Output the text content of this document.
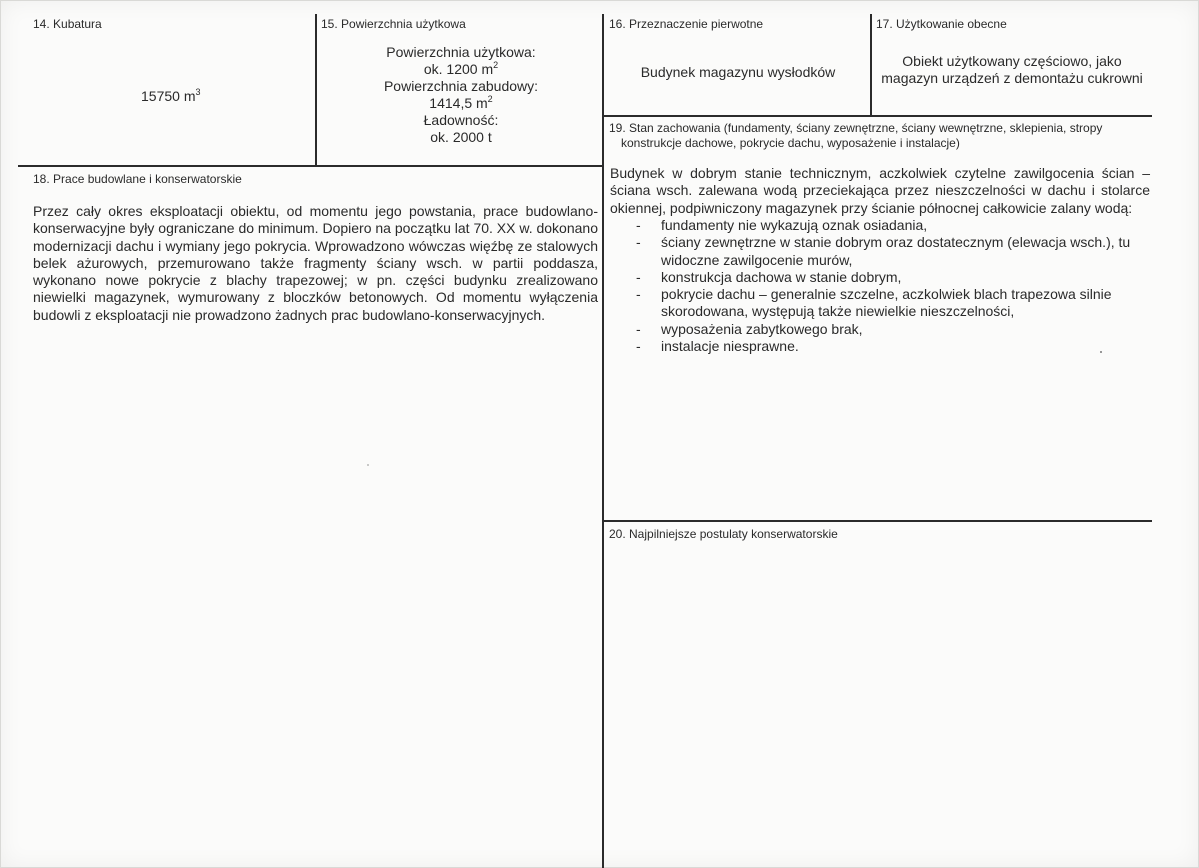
14. Kubatura
15750 $m^3$
15. Powierzchnia użytkowa
Powierzchnia użytkowa:
ok. 1200 $m^2$
Powierzchnia zabudowy:
1414,5 $m^2$
Ładowność:
ok. 2000 t
16. Przeznaczenie pierwotne
Budynek magazynu wysłodków
17. Użytkowanie obecne
Obiekt użytkowany częściowo, jako
magazyn urządzeń z demontażu cukrowni
18. Prace budowlane i konserwatorskie
Przez cały okres eksploatacji obiektu, od momentu jego powstania, prace budowlano-konserwacyjne były ograniczane do minimum. Dopiero na początku lat 70. XX w. dokonano modernizacji dachu i wymiany jego pokrycia. Wprowadzono wówczas więźbę ze stalowych belek ażurowych, przemurowano także fragmenty ściany wsch. w partii poddasza, wykonano nowe pokrycie z blachy trapezowej; w pn. części budynku zrealizowano niewielki magazynek, wymurowany z bloczków betonowych. Od momentu wyłączenia budowli z eksploatacji nie prowadzono żadnych prac budowlano-konserwacyjnych.
19. Stan zachowania (fundamenty, ściany zewnętrzne, ściany wewnętrzne, sklepienia, stropy
konstrukcje dachowe, pokrycie dachu, wyposażenie i instalacje)
Budynek w dobrym stanie technicznym, aczkolwiek czytelne zawilgocenia ścian – ściana wsch. zalewana wodą przeciekająca przez nieszczelności w dachu i stolarce okiennej, podpiwniczony magazynek przy ścianie północnej całkowicie zalany wodą:
- fundamenty nie wykazują oznak osiadania,
- ściany zewnętrzne w stanie dobrym oraz dostatecznym (elewacja wsch.), tu widoczne zawilgocenie murów,
- konstrukcja dachowa w stanie dobrym,
- pokrycie dachu – generalnie szczelne, aczkolwiek blach trapezowa silnie skorodowana, występują także niewielkie nieszczelności,
- wyposażenia zabytkowego brak,
- instalacje niesprawne.
20. Najpilniejsze postulaty konserwatorskie
